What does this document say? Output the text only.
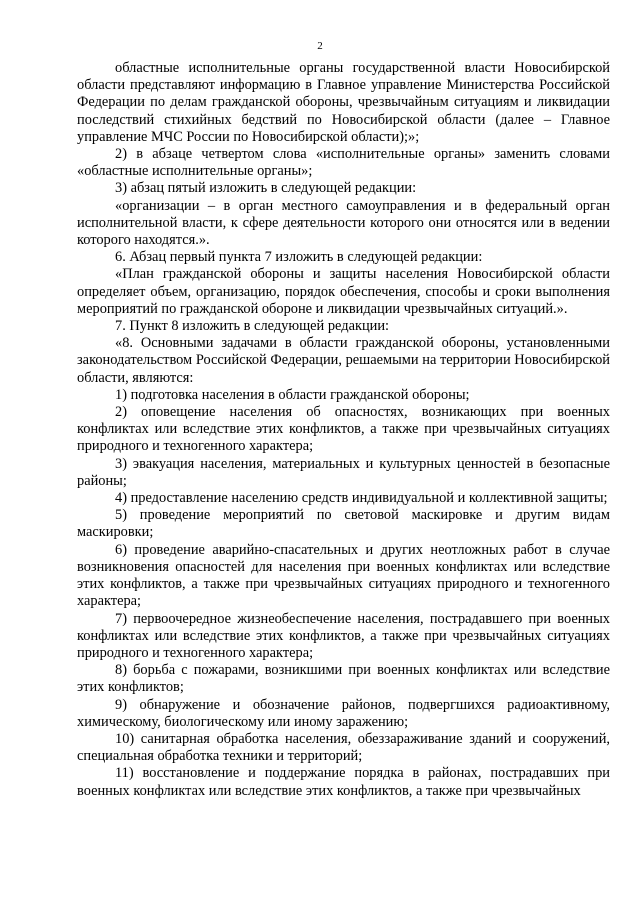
2

областные исполнительные органы государственной власти Новосибирской области представляют информацию в Главное управление Министерства Российской Федерации по делам гражданской обороны, чрезвычайным ситуациям и ликвидации последствий стихийных бедствий по Новосибирской области (далее – Главное управление МЧС России по Новосибирской области);»;

2) в абзаце четвертом слова «исполнительные органы» заменить словами «областные исполнительные органы»;

3) абзац пятый изложить в следующей редакции:

«организации – в орган местного самоуправления и в федеральный орган исполнительной власти, к сфере деятельности которого они относятся или в ведении которого находятся.».

6. Абзац первый пункта 7 изложить в следующей редакции:

«План гражданской обороны и защиты населения Новосибирской области определяет объем, организацию, порядок обеспечения, способы и сроки выполнения мероприятий по гражданской обороне и ликвидации чрезвычайных ситуаций.».

7. Пункт 8 изложить в следующей редакции:

«8. Основными задачами в области гражданской обороны, установленными законодательством Российской Федерации, решаемыми на территории Новосибирской области, являются:

1) подготовка населения в области гражданской обороны;

2) оповещение населения об опасностях, возникающих при военных конфликтах или вследствие этих конфликтов, а также при чрезвычайных ситуациях природного и техногенного характера;

3) эвакуация населения, материальных и культурных ценностей в безопасные районы;

4) предоставление населению средств индивидуальной и коллективной защиты;

5) проведение мероприятий по световой маскировке и другим видам маскировки;

6) проведение аварийно-спасательных и других неотложных работ в случае возникновения опасностей для населения при военных конфликтах или вследствие этих конфликтов, а также при чрезвычайных ситуациях природного и техногенного характера;

7) первоочередное жизнеобеспечение населения, пострадавшего при военных конфликтах или вследствие этих конфликтов, а также при чрезвычайных ситуациях природного и техногенного характера;

8) борьба с пожарами, возникшими при военных конфликтах или вследствие этих конфликтов;

9) обнаружение и обозначение районов, подвергшихся радиоактивному, химическому, биологическому или иному заражению;

10) санитарная обработка населения, обеззараживание зданий и сооружений, специальная обработка техники и территорий;

11) восстановление и поддержание порядка в районах, пострадавших при военных конфликтах или вследствие этих конфликтов, а также при чрезвычайных
